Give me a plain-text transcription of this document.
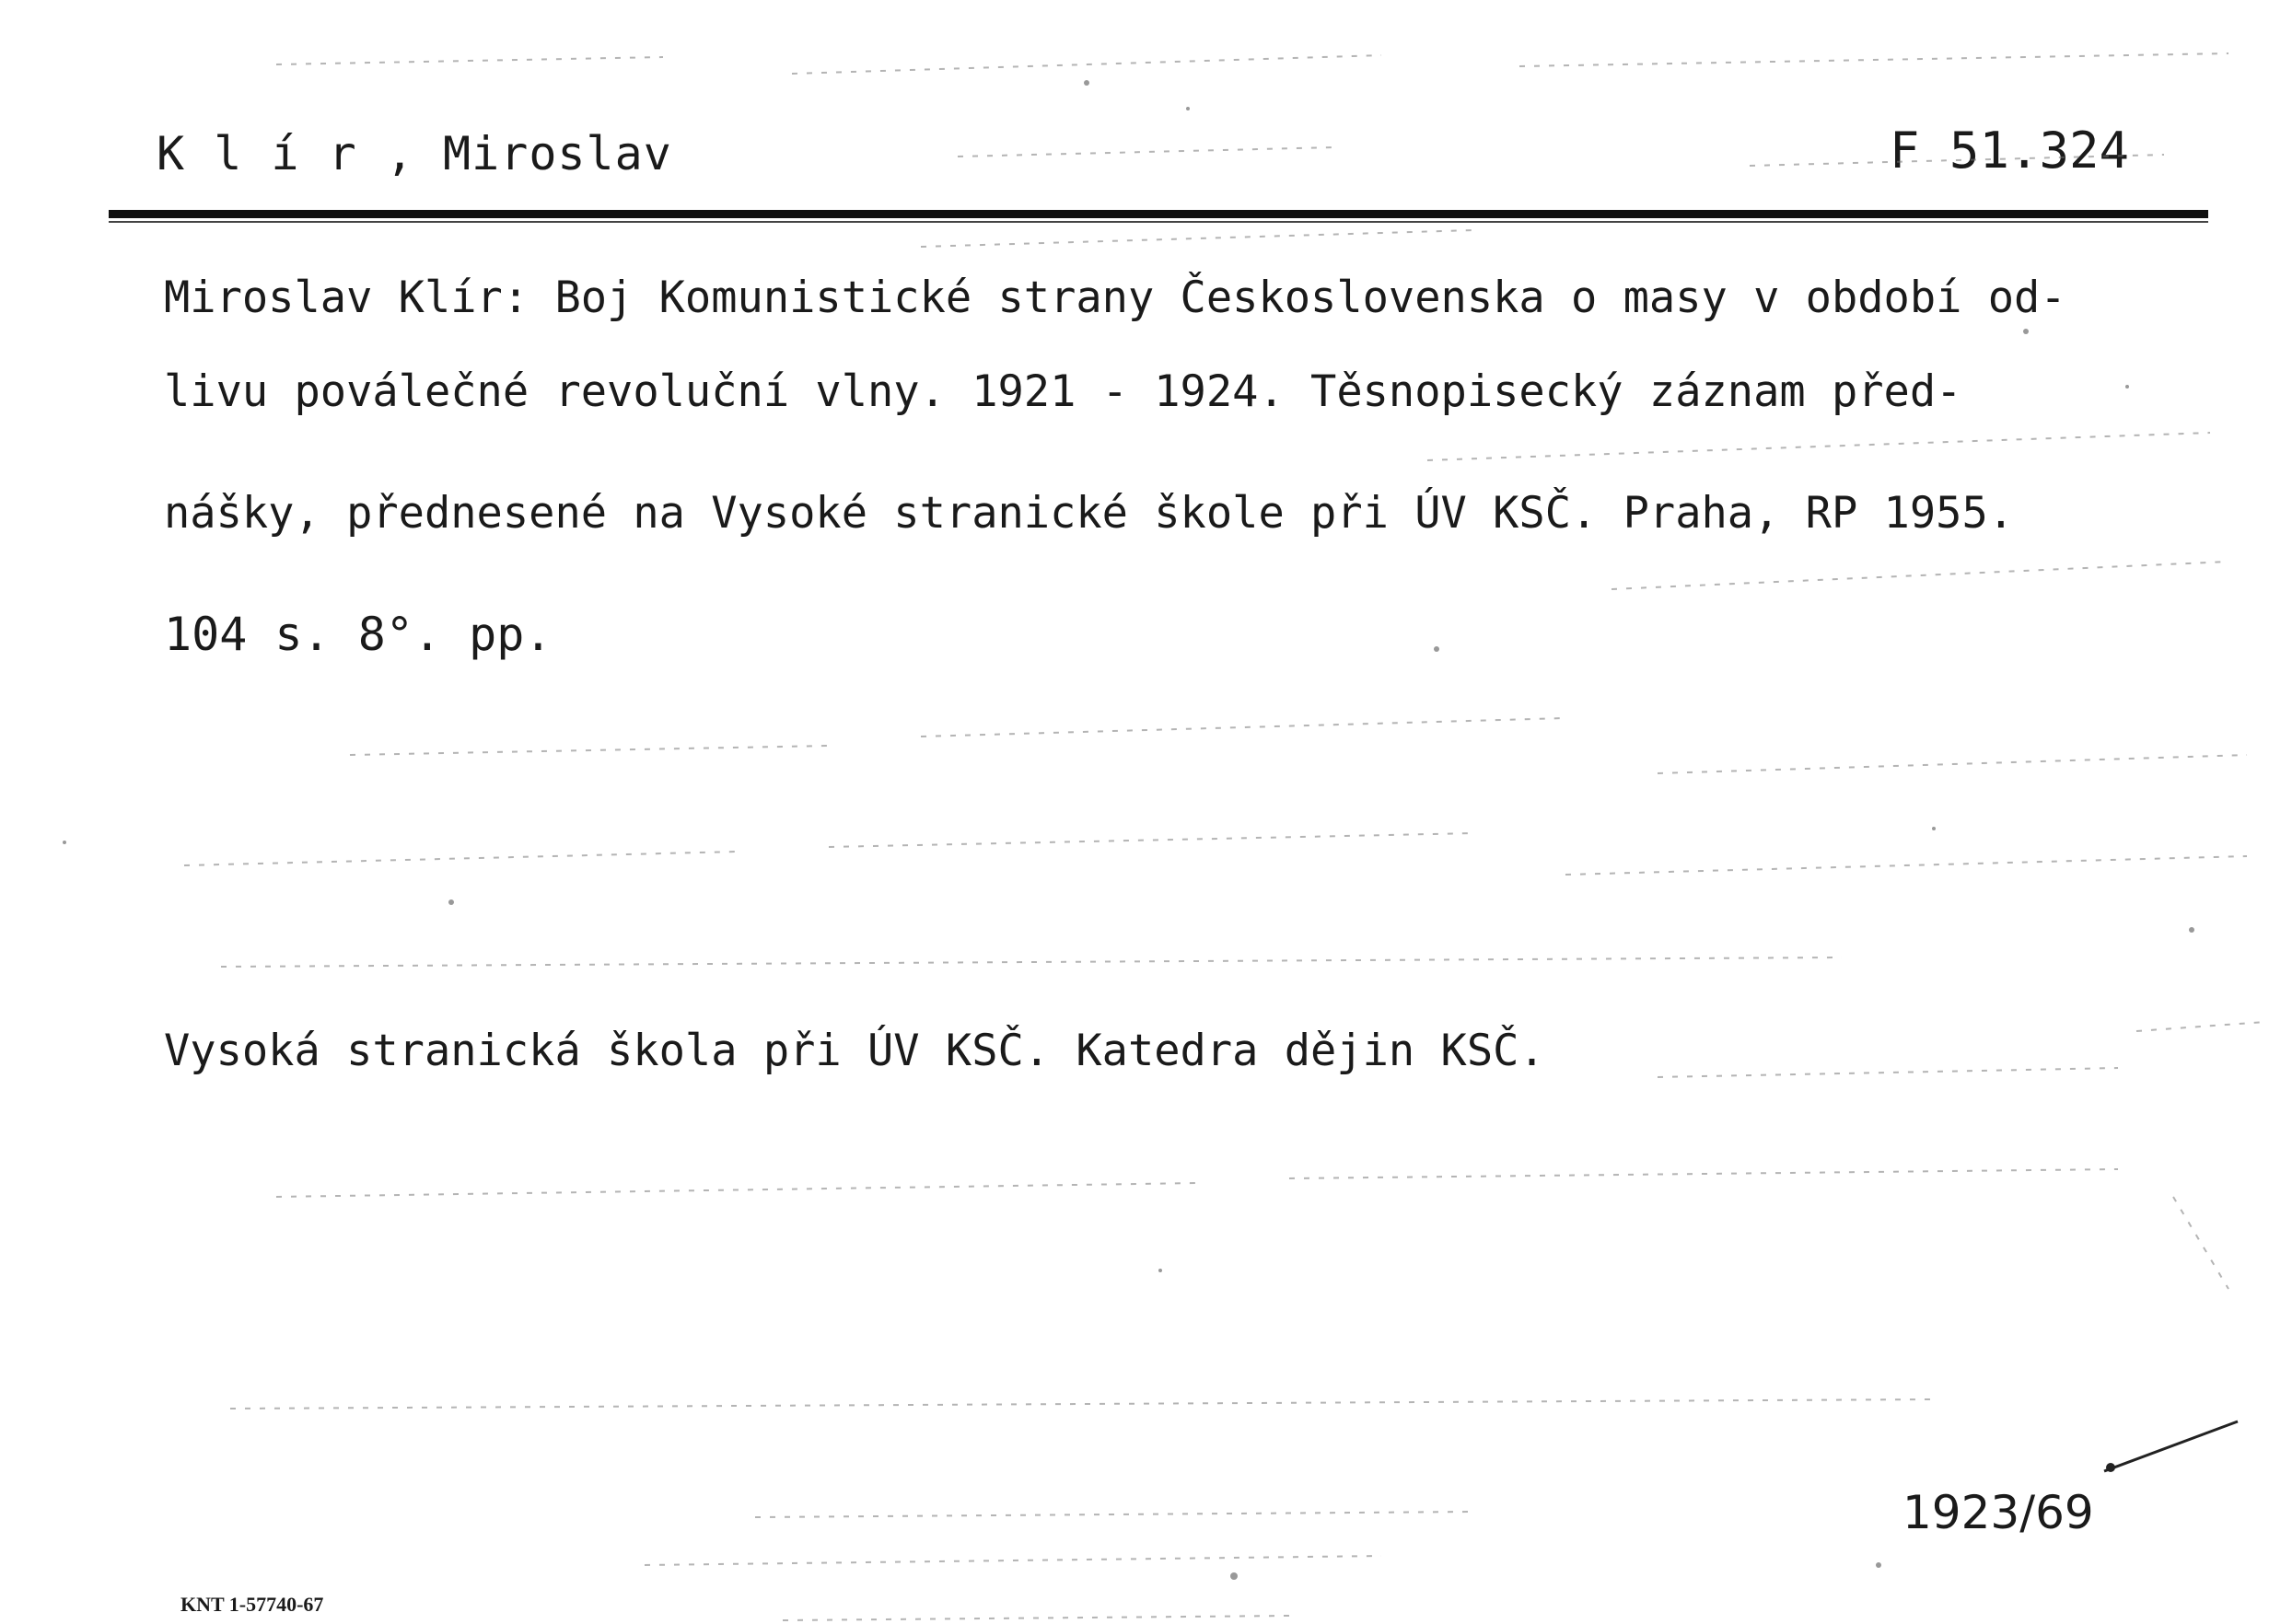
K l í r , Miroslav	F 51.324
Miroslav Klír: Boj Komunistické strany Československa o masy v období od-
livu poválečné revoluční vlny. 1921 - 1924. Těsnopisecký záznam před-
nášky, přednesené na Vysoké stranické škole při ÚV KSČ. Praha, RP 1955.
104 s. 8°. pp.
Vysoká stranická škola při ÚV KSČ. Katedra dějin KSČ.
1923/69
KNT 1-57740-67
